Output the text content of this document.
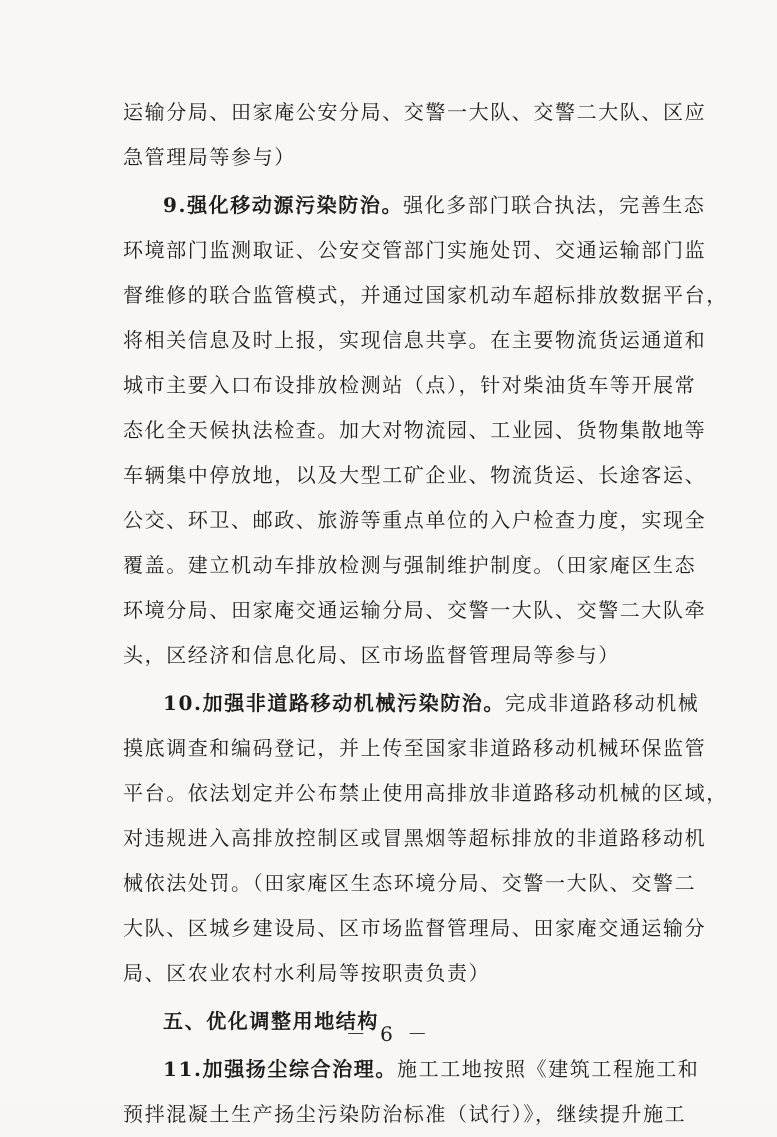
运输分局、田家庵公安分局、交警一大队、交警二大队、区应
急管理局等参与）
9.强化移动源污染防治。强化多部门联合执法，完善生态
环境部门监测取证、公安交管部门实施处罚、交通运输部门监
督维修的联合监管模式，并通过国家机动车超标排放数据平台，
将相关信息及时上报，实现信息共享。在主要物流货运通道和
城市主要入口布设排放检测站（点），针对柴油货车等开展常
态化全天候执法检查。加大对物流园、工业园、货物集散地等
车辆集中停放地，以及大型工矿企业、物流货运、长途客运、
公交、环卫、邮政、旅游等重点单位的入户检查力度，实现全
覆盖。建立机动车排放检测与强制维护制度。（田家庵区生态
环境分局、田家庵交通运输分局、交警一大队、交警二大队牵
头，区经济和信息化局、区市场监督管理局等参与）
10.加强非道路移动机械污染防治。完成非道路移动机械
摸底调查和编码登记，并上传至国家非道路移动机械环保监管
平台。依法划定并公布禁止使用高排放非道路移动机械的区域，
对违规进入高排放控制区或冒黑烟等超标排放的非道路移动机
械依法处罚。（田家庵区生态环境分局、交警一大队、交警二
大队、区城乡建设局、区市场监督管理局、田家庵交通运输分
局、区农业农村水利局等按职责负责）
五、优化调整用地结构
11.加强扬尘综合治理。施工工地按照《建筑工程施工和
预拌混凝土生产扬尘污染防治标准（试行）》，继续提升施工
－ 6 －
